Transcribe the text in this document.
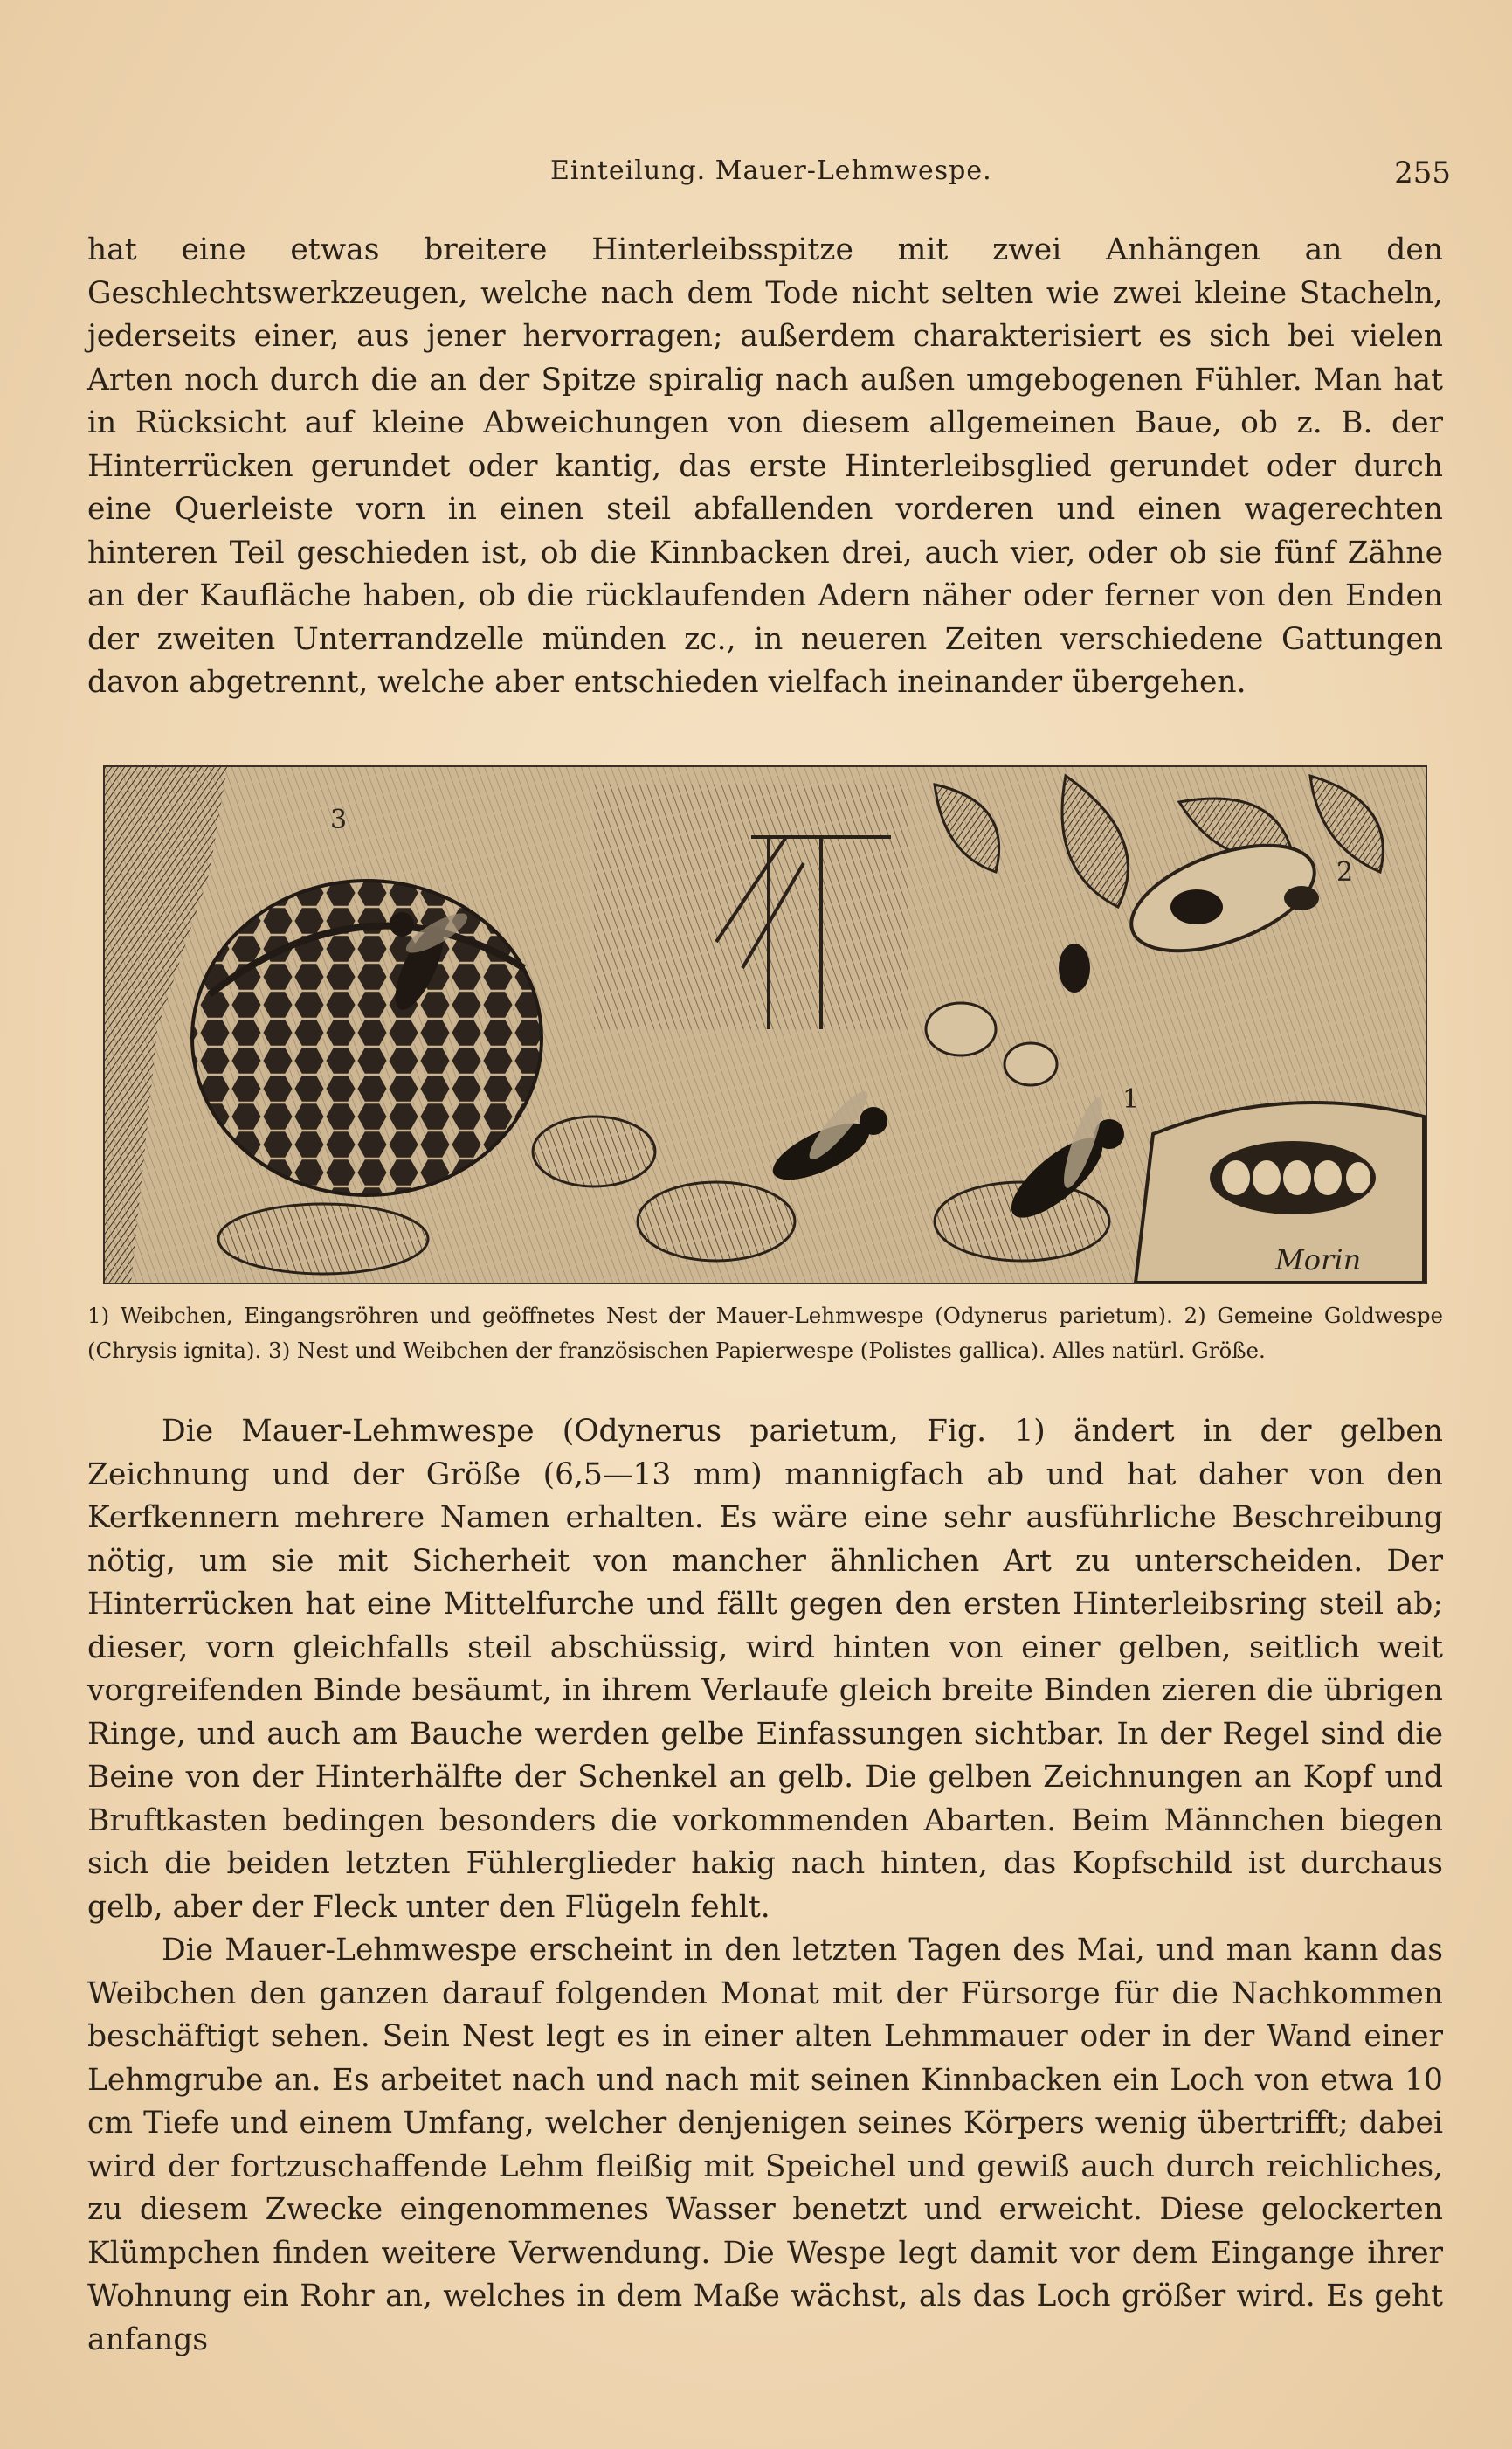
Einteilung. Mauer-Lehmwespe.	255

hat eine etwas breitere Hinterleibsspitze mit zwei Anhängen an den Geschlechtswerkzeugen, welche nach dem Tode nicht selten wie zwei kleine Stacheln, jederseits einer, aus jener hervorragen; außerdem charakterisiert es sich bei vielen Arten noch durch die an der Spitze spiralig nach außen umgebogenen Fühler. Man hat in Rücksicht auf kleine Abweichungen von diesem allgemeinen Baue, ob z. B. der Hinterrücken gerundet oder kantig, das erste Hinterleibsglied gerundet oder durch eine Querleiste vorn in einen steil abfallenden vorderen und einen wagerechten hinteren Teil geschieden ist, ob die Kinnbacken drei, auch vier, oder ob sie fünf Zähne an der Kaufläche haben, ob die rücklaufenden Adern näher oder ferner von den Enden der zweiten Unterrandzelle münden zc., in neueren Zeiten verschiedene Gattungen davon abgetrennt, welche aber entschieden vielfach ineinander übergehen.

3
2
1
Morin

1) Weibchen, Eingangsröhren und geöffnetes Nest der Mauer-Lehmwespe (Odynerus parietum). 2) Gemeine Goldwespe (Chrysis ignita). 3) Nest und Weibchen der französischen Papierwespe (Polistes gallica). Alles natürl. Größe.

Die Mauer-Lehmwespe (Odynerus parietum, Fig. 1) ändert in der gelben Zeichnung und der Größe (6,5—13 mm) mannigfach ab und hat daher von den Kerfkennern mehrere Namen erhalten. Es wäre eine sehr ausführliche Beschreibung nötig, um sie mit Sicherheit von mancher ähnlichen Art zu unterscheiden. Der Hinterrücken hat eine Mittelfurche und fällt gegen den ersten Hinterleibsring steil ab; dieser, vorn gleichfalls steil abschüssig, wird hinten von einer gelben, seitlich weit vorgreifenden Binde besäumt, in ihrem Verlaufe gleich breite Binden zieren die übrigen Ringe, und auch am Bauche werden gelbe Einfassungen sichtbar. In der Regel sind die Beine von der Hinterhälfte der Schenkel an gelb. Die gelben Zeichnungen an Kopf und Bruftkasten bedingen besonders die vorkommenden Abarten. Beim Männchen biegen sich die beiden letzten Fühlerglieder hakig nach hinten, das Kopfschild ist durchaus gelb, aber der Fleck unter den Flügeln fehlt.

Die Mauer-Lehmwespe erscheint in den letzten Tagen des Mai, und man kann das Weibchen den ganzen darauf folgenden Monat mit der Fürsorge für die Nachkommen beschäftigt sehen. Sein Nest legt es in einer alten Lehmmauer oder in der Wand einer Lehmgrube an. Es arbeitet nach und nach mit seinen Kinnbacken ein Loch von etwa 10 cm Tiefe und einem Umfang, welcher denjenigen seines Körpers wenig übertrifft; dabei wird der fortzuschaffende Lehm fleißig mit Speichel und gewiß auch durch reichliches, zu diesem Zwecke eingenommenes Wasser benetzt und erweicht. Diese gelockerten Klümpchen finden weitere Verwendung. Die Wespe legt damit vor dem Eingange ihrer Wohnung ein Rohr an, welches in dem Maße wächst, als das Loch größer wird. Es geht anfangs
